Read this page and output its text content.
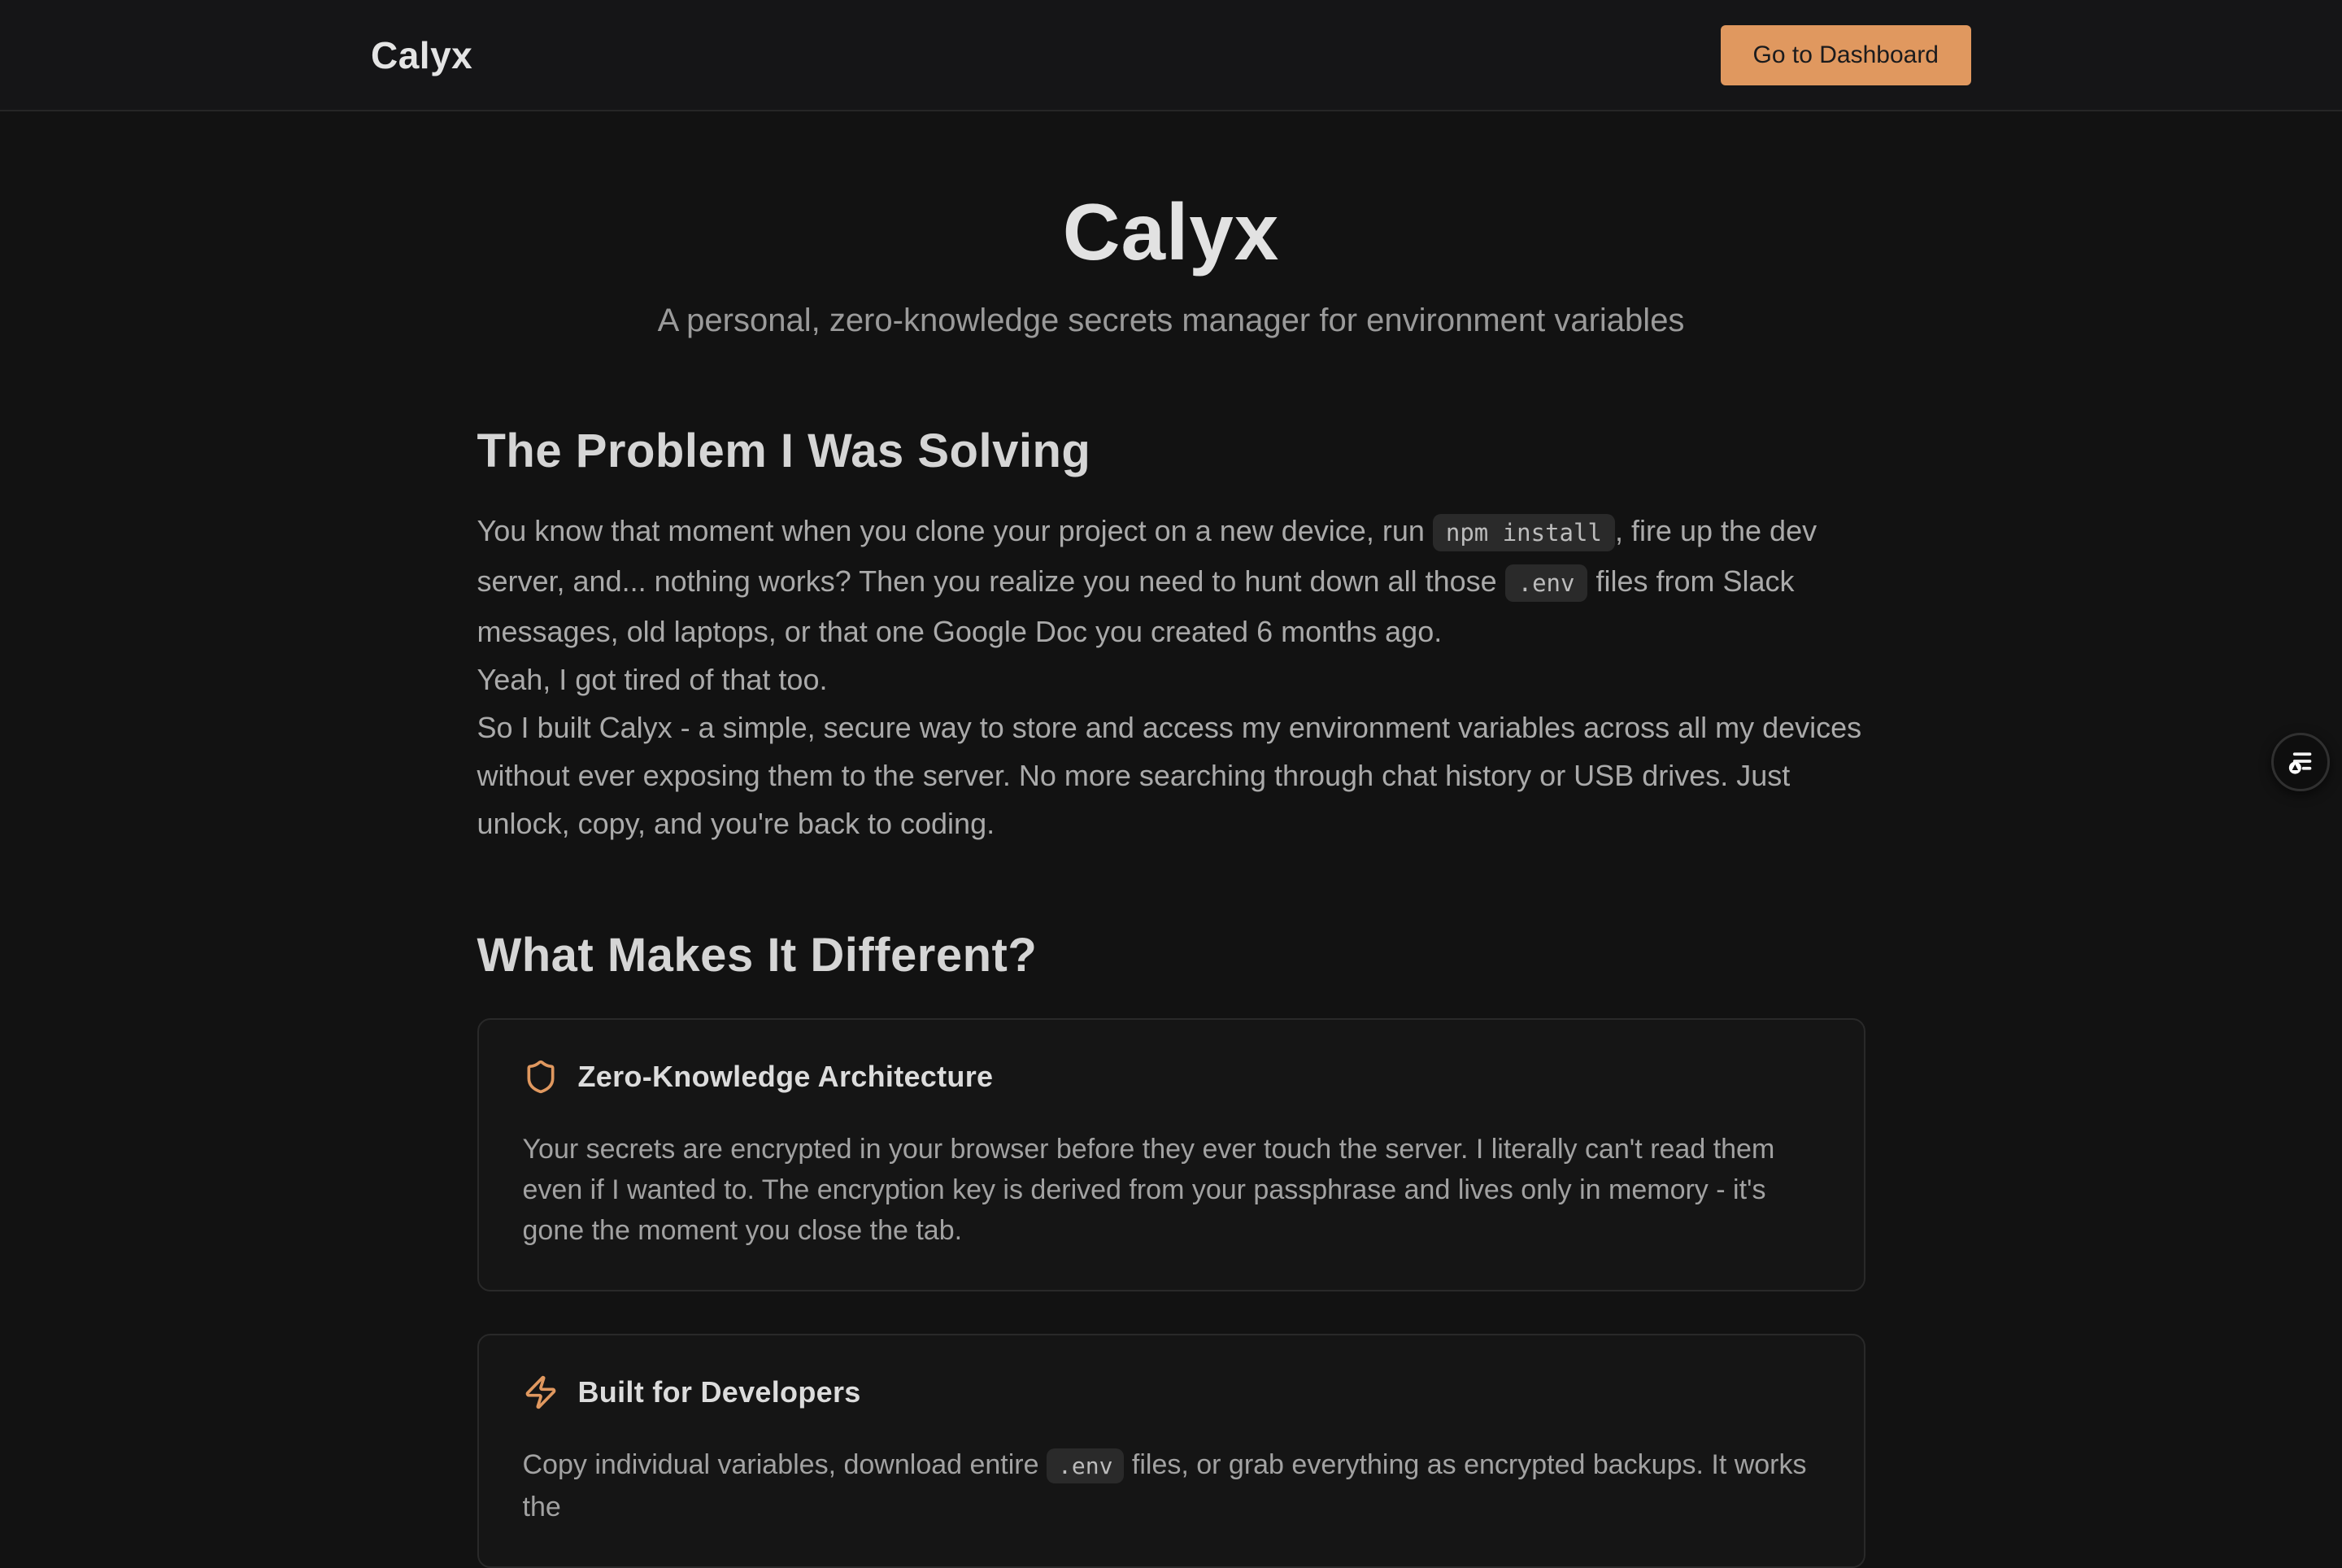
Calyx	Go to Dashboard
Calyx

A personal, zero-knowledge secrets manager for environment variables

The Problem I Was Solving

You know that moment when you clone your project on a new device, run npm install , fire up the dev server, and... nothing works? Then you realize you need to hunt down all those .env files from Slack messages, old laptops, or that one Google Doc you created 6 months ago.

Yeah, I got tired of that too.

So I built Calyx - a simple, secure way to store and access my environment variables across all my devices without ever exposing them to the server. No more searching through chat history or USB drives. Just unlock, copy, and you're back to coding.

What Makes It Different?
Zero-Knowledge Architecture
Your secrets are encrypted in your browser before they ever touch the server. I literally can't read them even if I wanted to. The encryption key is derived from your passphrase and lives only in memory - it's gone the moment you close the tab.
Built for Developers
Copy individual variables, download entire .env files, or grab everything as encrypted backups. It works the
